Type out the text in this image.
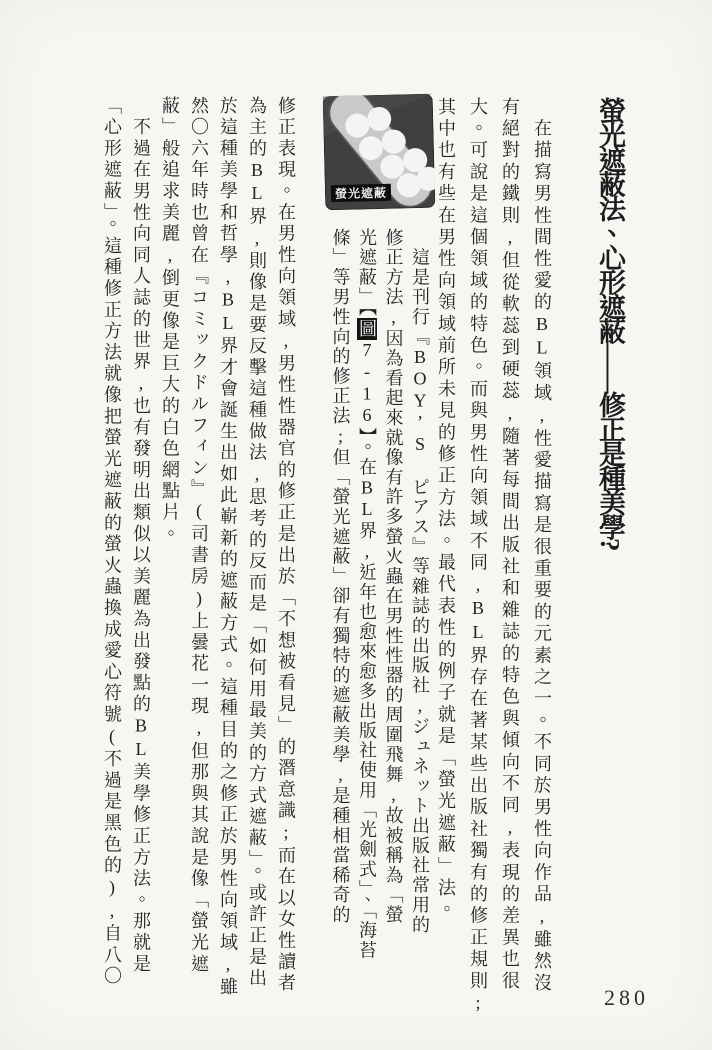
螢光遮蔽法、心形遮蔽——修正是種美學?

　在描寫男性間性愛的BL領域,性愛描寫是很重要的元素之一。不同於男性向作品,雖然沒

有絕對的鐵則,但從軟蕊到硬蕊,隨著每間出版社和雜誌的特色與傾向不同,表現的差異也很

大。可說是這個領域的特色。而與男性向領域不同,BL界存在著某些出版社獨有的修正規則;

其中也有些在男性向領域前所未見的修正方法。最代表性的例子就是「螢光遮蔽」法。

螢光遮蔽

　這是刊行『BOY’S ピアス』等雜誌的出版社,ジュネット出版社常用的

修正方法,因為看起來就像有許多螢火蟲在男性性器的周圍飛舞,故被稱為「螢

光遮蔽」【圖7-16】。在BL界,近年也愈來愈多出版社使用「光劍式」、「海苔

條」等男性向的修正法;但「螢光遮蔽」卻有獨特的遮蔽美學,是種相當稀奇的

修正表現。在男性向領域,男性性器官的修正是出於「不想被看見」的潛意識;而在以女性讀者

為主的BL界,則像是要反擊這種做法,思考的反而是「如何用最美的方式遮蔽」。或許正是出

於這種美學和哲學,BL界才會誕生出如此嶄新的遮蔽方式。這種目的之修正於男性向領域,雖

然〇六年時也曾在『コミックドルフィン』(司書房)上曇花一現,但那與其說是像「螢光遮

蔽」般追求美麗,倒更像是巨大的白色網點片。

　不過在男性向同人誌的世界,也有發明出類似以美麗為出發點的BL美學修正方法。那就是

「心形遮蔽」。這種修正方法就像把螢光遮蔽的螢火蟲換成愛心符號(不過是黑色的),自八〇

280
